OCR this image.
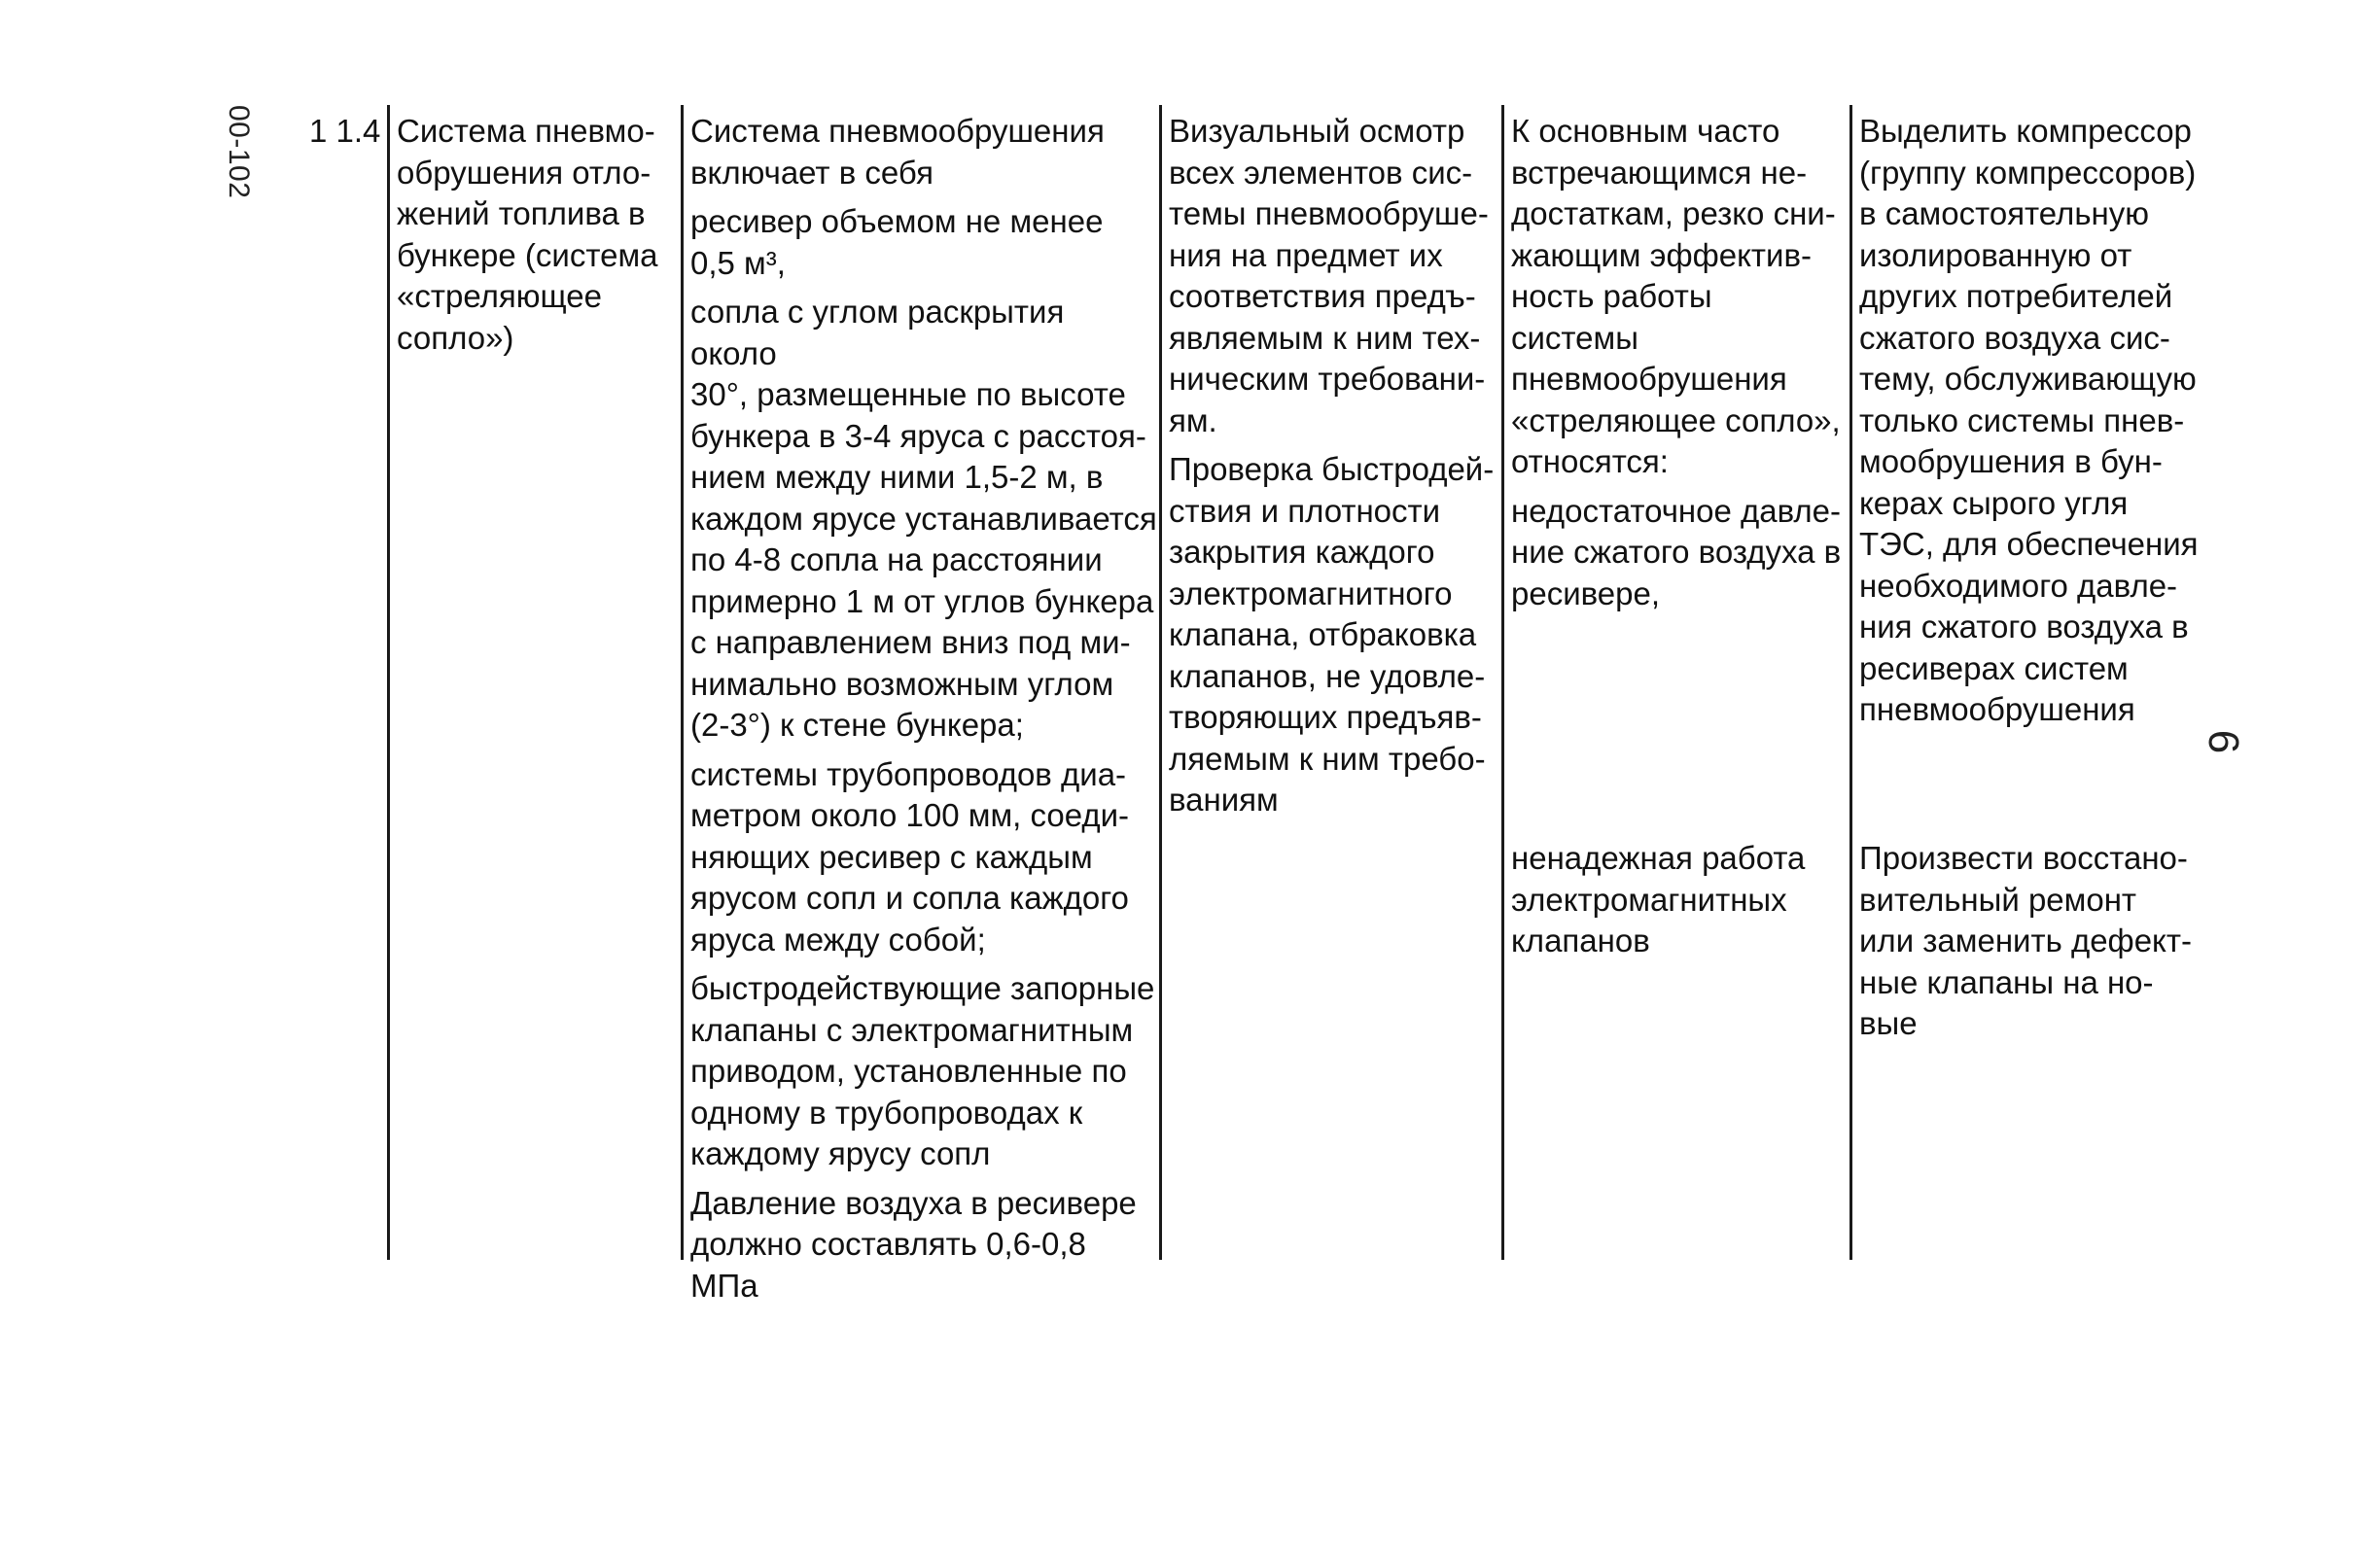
00-102
6
1 1.4 Система пневмо-
обрушения отло-
жений топлива в
бункере (система
«стреляющее
сопло»)

Система пневмообрушения
включает в себя

ресивер объемом не менее
0,5 м³,

сопла с углом раскрытия около
30°, размещенные по высоте
бункера в 3-4 яруса с расстоя-
нием между ними 1,5-2 м, в
каждом ярусе устанавливается
по 4-8 сопла на расстоянии
примерно 1 м от углов бункера
с направлением вниз под ми-
нимально возможным углом
(2-3°) к стене бункера;

системы трубопроводов диа-
метром около 100 мм, соеди-
няющих ресивер с каждым
ярусом сопл и сопла каждого
яруса между собой;

быстродействующие запорные
клапаны с электромагнитным
приводом, установленные по
одному в трубопроводах к
каждому ярусу сопл

Давление воздуха в ресивере
должно составлять 0,6-0,8 МПа

Визуальный осмотр
всех элементов сис-
темы пневмообруше-
ния на предмет их
соответствия предъ-
являемым к ним тех-
ническим требовани-
ям.

Проверка быстродей-
ствия и плотности
закрытия каждого
электромагнитного
клапана, отбраковка
клапанов, не удовле-
творяющих предъяв-
ляемым к ним требо-
ваниям

К основным часто
встречающимся не-
достаткам, резко сни-
жающим эффектив-
ность работы системы
пневмообрушения
«стреляющее сопло»,
относятся:

недостаточное давле-
ние сжатого воздуха в
ресивере,

ненадежная работа
электромагнитных
клапанов

Выделить компрессор
(группу компрессоров)
в самостоятельную
изолированную от
других потребителей
сжатого воздуха сис-
тему, обслуживающую
только системы пнев-
мообрушения в бун-
керах сырого угля
ТЭС, для обеспечения
необходимого давле-
ния сжатого воздуха в
ресиверах систем
пневмообрушения

Произвести восстано-
вительный ремонт
или заменить дефект-
ные клапаны на но-
вые
